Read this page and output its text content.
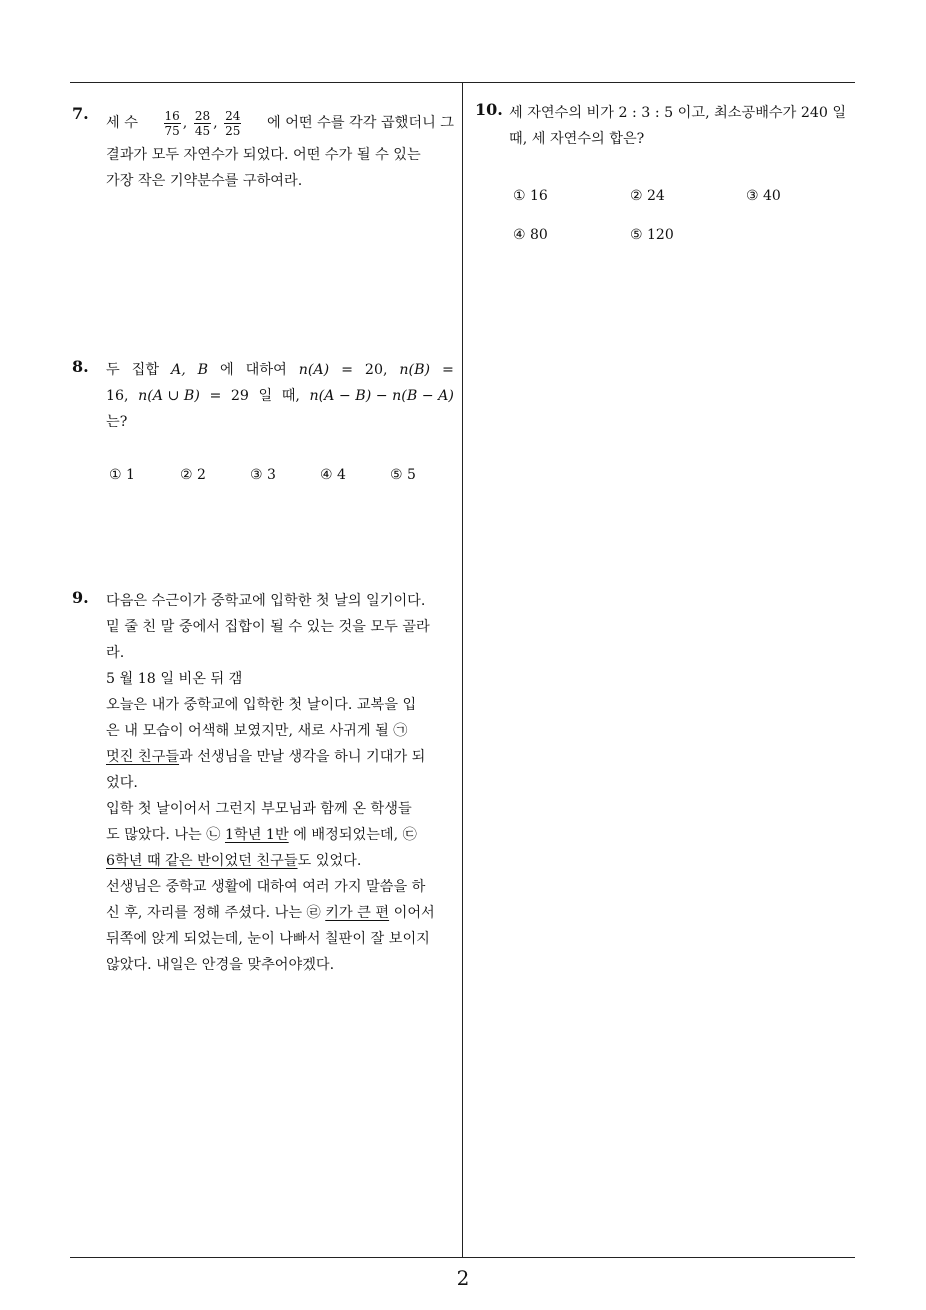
7. 세 수 $\frac{16}{75}$ , $\frac{28}{45}$ , $\frac{24}{25}$ 에 어떤 수를 각각 곱했더니 그
결과가 모두 자연수가 되었다. 어떤 수가 될 수 있는
가장 작은 기약분수를 구하여라.
8. 두 집합 A, B 에 대하여 n(A) = 20, n(B) =
16, n(A ∪ B) = 29 일 때, n(A − B) − n(B − A)
는?
① 1	② 2	③ 3	④ 4	⑤ 5
9. 다음은 수근이가 중학교에 입학한 첫 날의 일기이다.
밑 줄 친 말 중에서 집합이 될 수 있는 것을 모두 골라
라.
5 월 18 일 비온 뒤 갬
오늘은 내가 중학교에 입학한 첫 날이다. 교복을 입
은 내 모습이 어색해 보였지만, 새로 사귀게 될 ㉠
멋진 친구들과 선생님을 만날 생각을 하니 기대가 되
었다.
입학 첫 날이어서 그런지 부모님과 함께 온 학생들
도 많았다. 나는 ㉡ 1학년 1반 에 배정되었는데, ㉢
6학년 때 같은 반이었던 친구들도 있었다.
선생님은 중학교 생활에 대하여 여러 가지 말씀을 하
신 후, 자리를 정해 주셨다. 나는 ㉣ 키가 큰 편 이어서
뒤쪽에 앉게 되었는데, 눈이 나빠서 칠판이 잘 보이지
않았다. 내일은 안경을 맞추어야겠다.
10. 세 자연수의 비가 2 : 3 : 5 이고, 최소공배수가 240 일
때, 세 자연수의 합은?
① 16	② 24	③ 40
④ 80	⑤ 120
2
